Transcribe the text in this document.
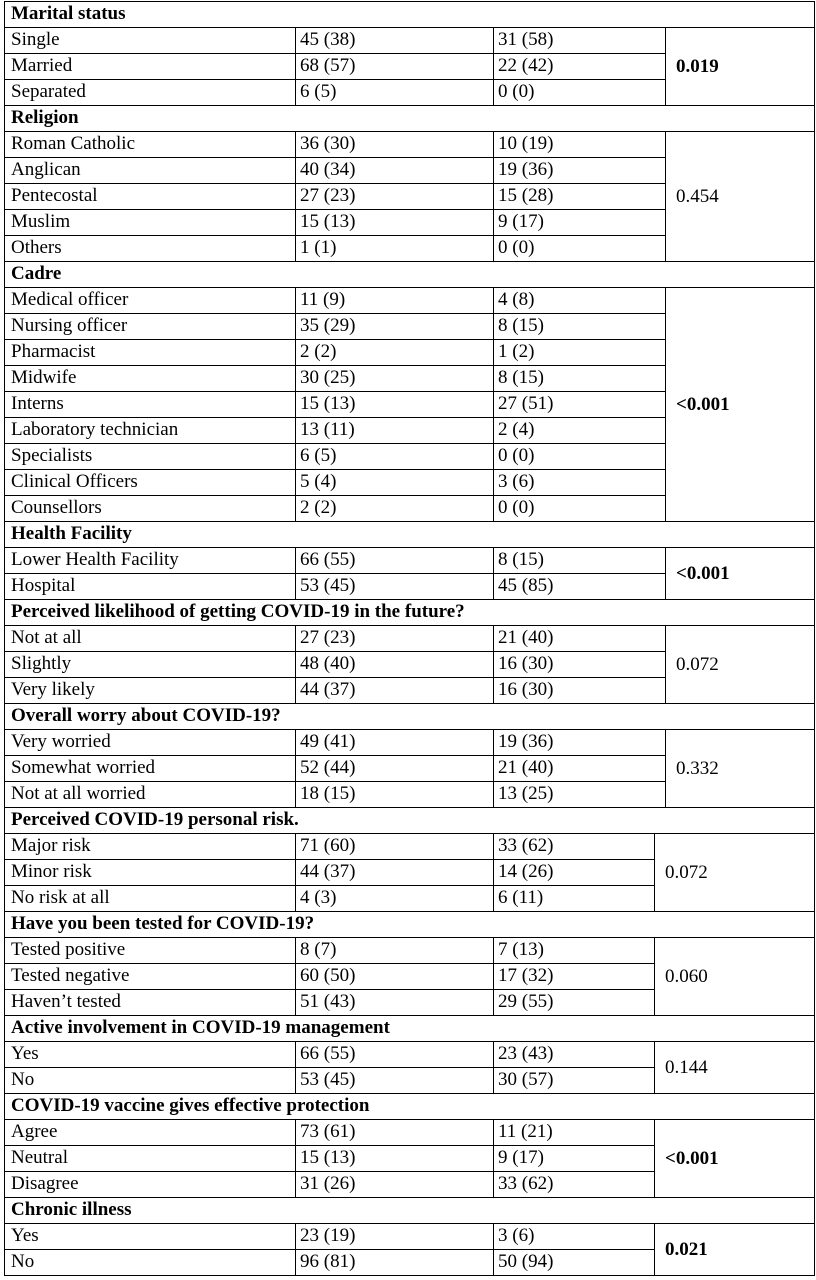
Marital status
Single	45 (38)	31 (58)
Married	68 (57)	22 (42)
Separated	6 (5)	0 (0)
0.019
Religion
Roman Catholic	36 (30)	10 (19)
Anglican	40 (34)	19 (36)
Pentecostal	27 (23)	15 (28)
Muslim	15 (13)	9 (17)
Others	1 (1)	0 (0)
0.454
Cadre
Medical officer	11 (9)	4 (8)
Nursing officer	35 (29)	8 (15)
Pharmacist	2 (2)	1 (2)
Midwife	30 (25)	8 (15)
Interns	15 (13)	27 (51)
Laboratory technician	13 (11)	2 (4)
Specialists	6 (5)	0 (0)
Clinical Officers	5 (4)	3 (6)
Counsellors	2 (2)	0 (0)
<0.001
Health Facility
Lower Health Facility	66 (55)	8 (15)
Hospital	53 (45)	45 (85)
<0.001
Perceived likelihood of getting COVID-19 in the future?
Not at all	27 (23)	21 (40)
Slightly	48 (40)	16 (30)
Very likely	44 (37)	16 (30)
0.072
Overall worry about COVID-19?
Very worried	49 (41)	19 (36)
Somewhat worried	52 (44)	21 (40)
Not at all worried	18 (15)	13 (25)
0.332
Perceived COVID-19 personal risk.
Major risk	71 (60)	33 (62)
Minor risk	44 (37)	14 (26)
No risk at all	4 (3)	6 (11)
0.072
Have you been tested for COVID-19?
Tested positive	8 (7)	7 (13)
Tested negative	60 (50)	17 (32)
Haven’t tested	51 (43)	29 (55)
0.060
Active involvement in COVID-19 management
Yes	66 (55)	23 (43)
No	53 (45)	30 (57)
0.144
COVID-19 vaccine gives effective protection
Agree	73 (61)	11 (21)
Neutral	15 (13)	9 (17)
Disagree	31 (26)	33 (62)
<0.001
Chronic illness
Yes	23 (19)	3 (6)
No	96 (81)	50 (94)
0.021
